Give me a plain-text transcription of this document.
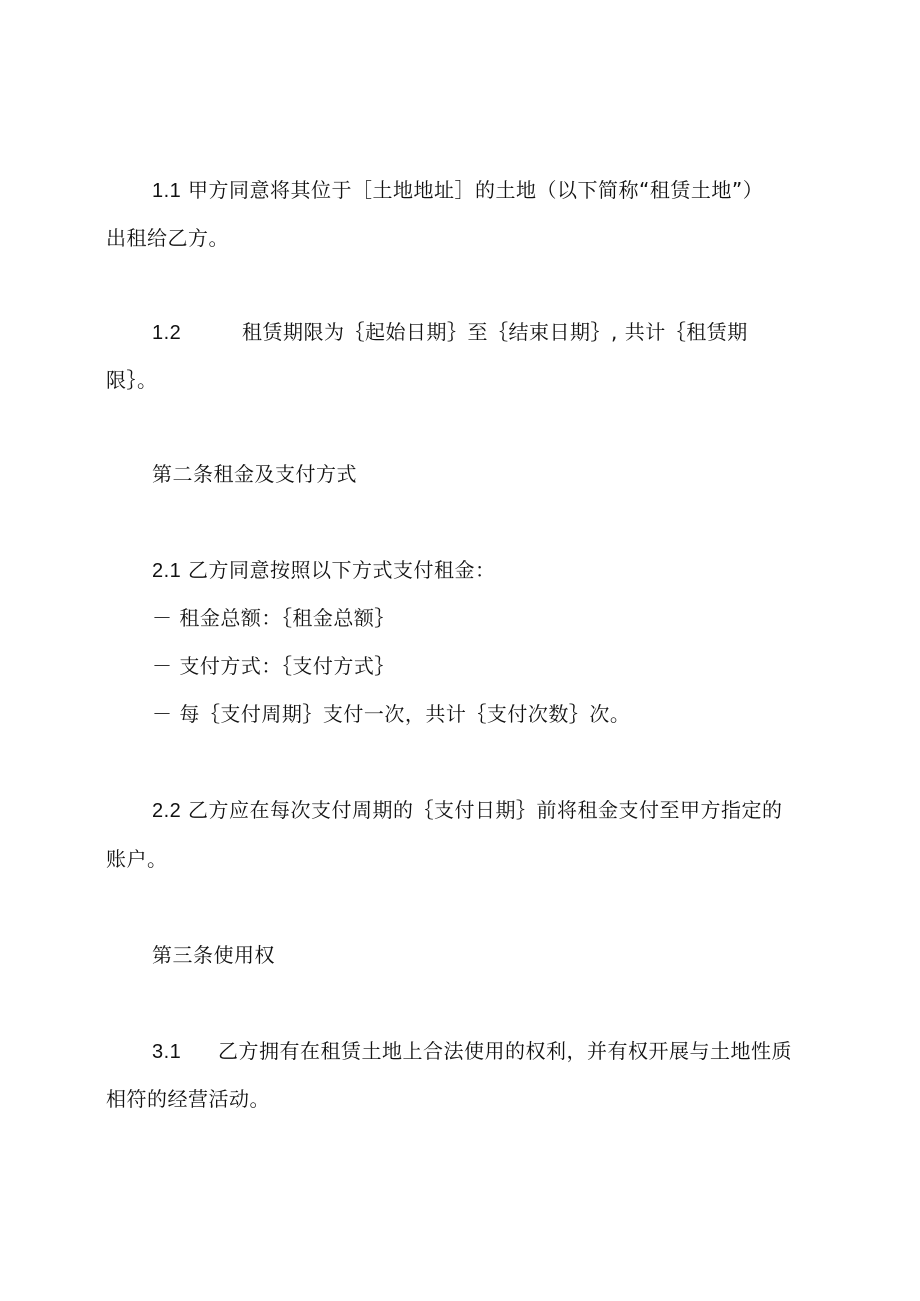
1.1 甲方同意将其位于［土地地址］的土地（以下简称“租赁土地”）
出租给乙方。
1.2	租赁期限为｛起始日期｝至｛结束日期｝, 共计｛租赁期
限｝。
第二条租金及支付方式
2.1 乙方同意按照以下方式支付租金：
－ 租金总额：｛租金总额｝
－ 支付方式：｛支付方式｝
－ 每｛支付周期｝支付一次，共计｛支付次数｝次。
2.2 乙方应在每次支付周期的｛支付日期｝前将租金支付至甲方指定的
账户。
第三条使用权
3.1 乙方拥有在租赁土地上合法使用的权利，并有权开展与土地性质
相符的经营活动。
